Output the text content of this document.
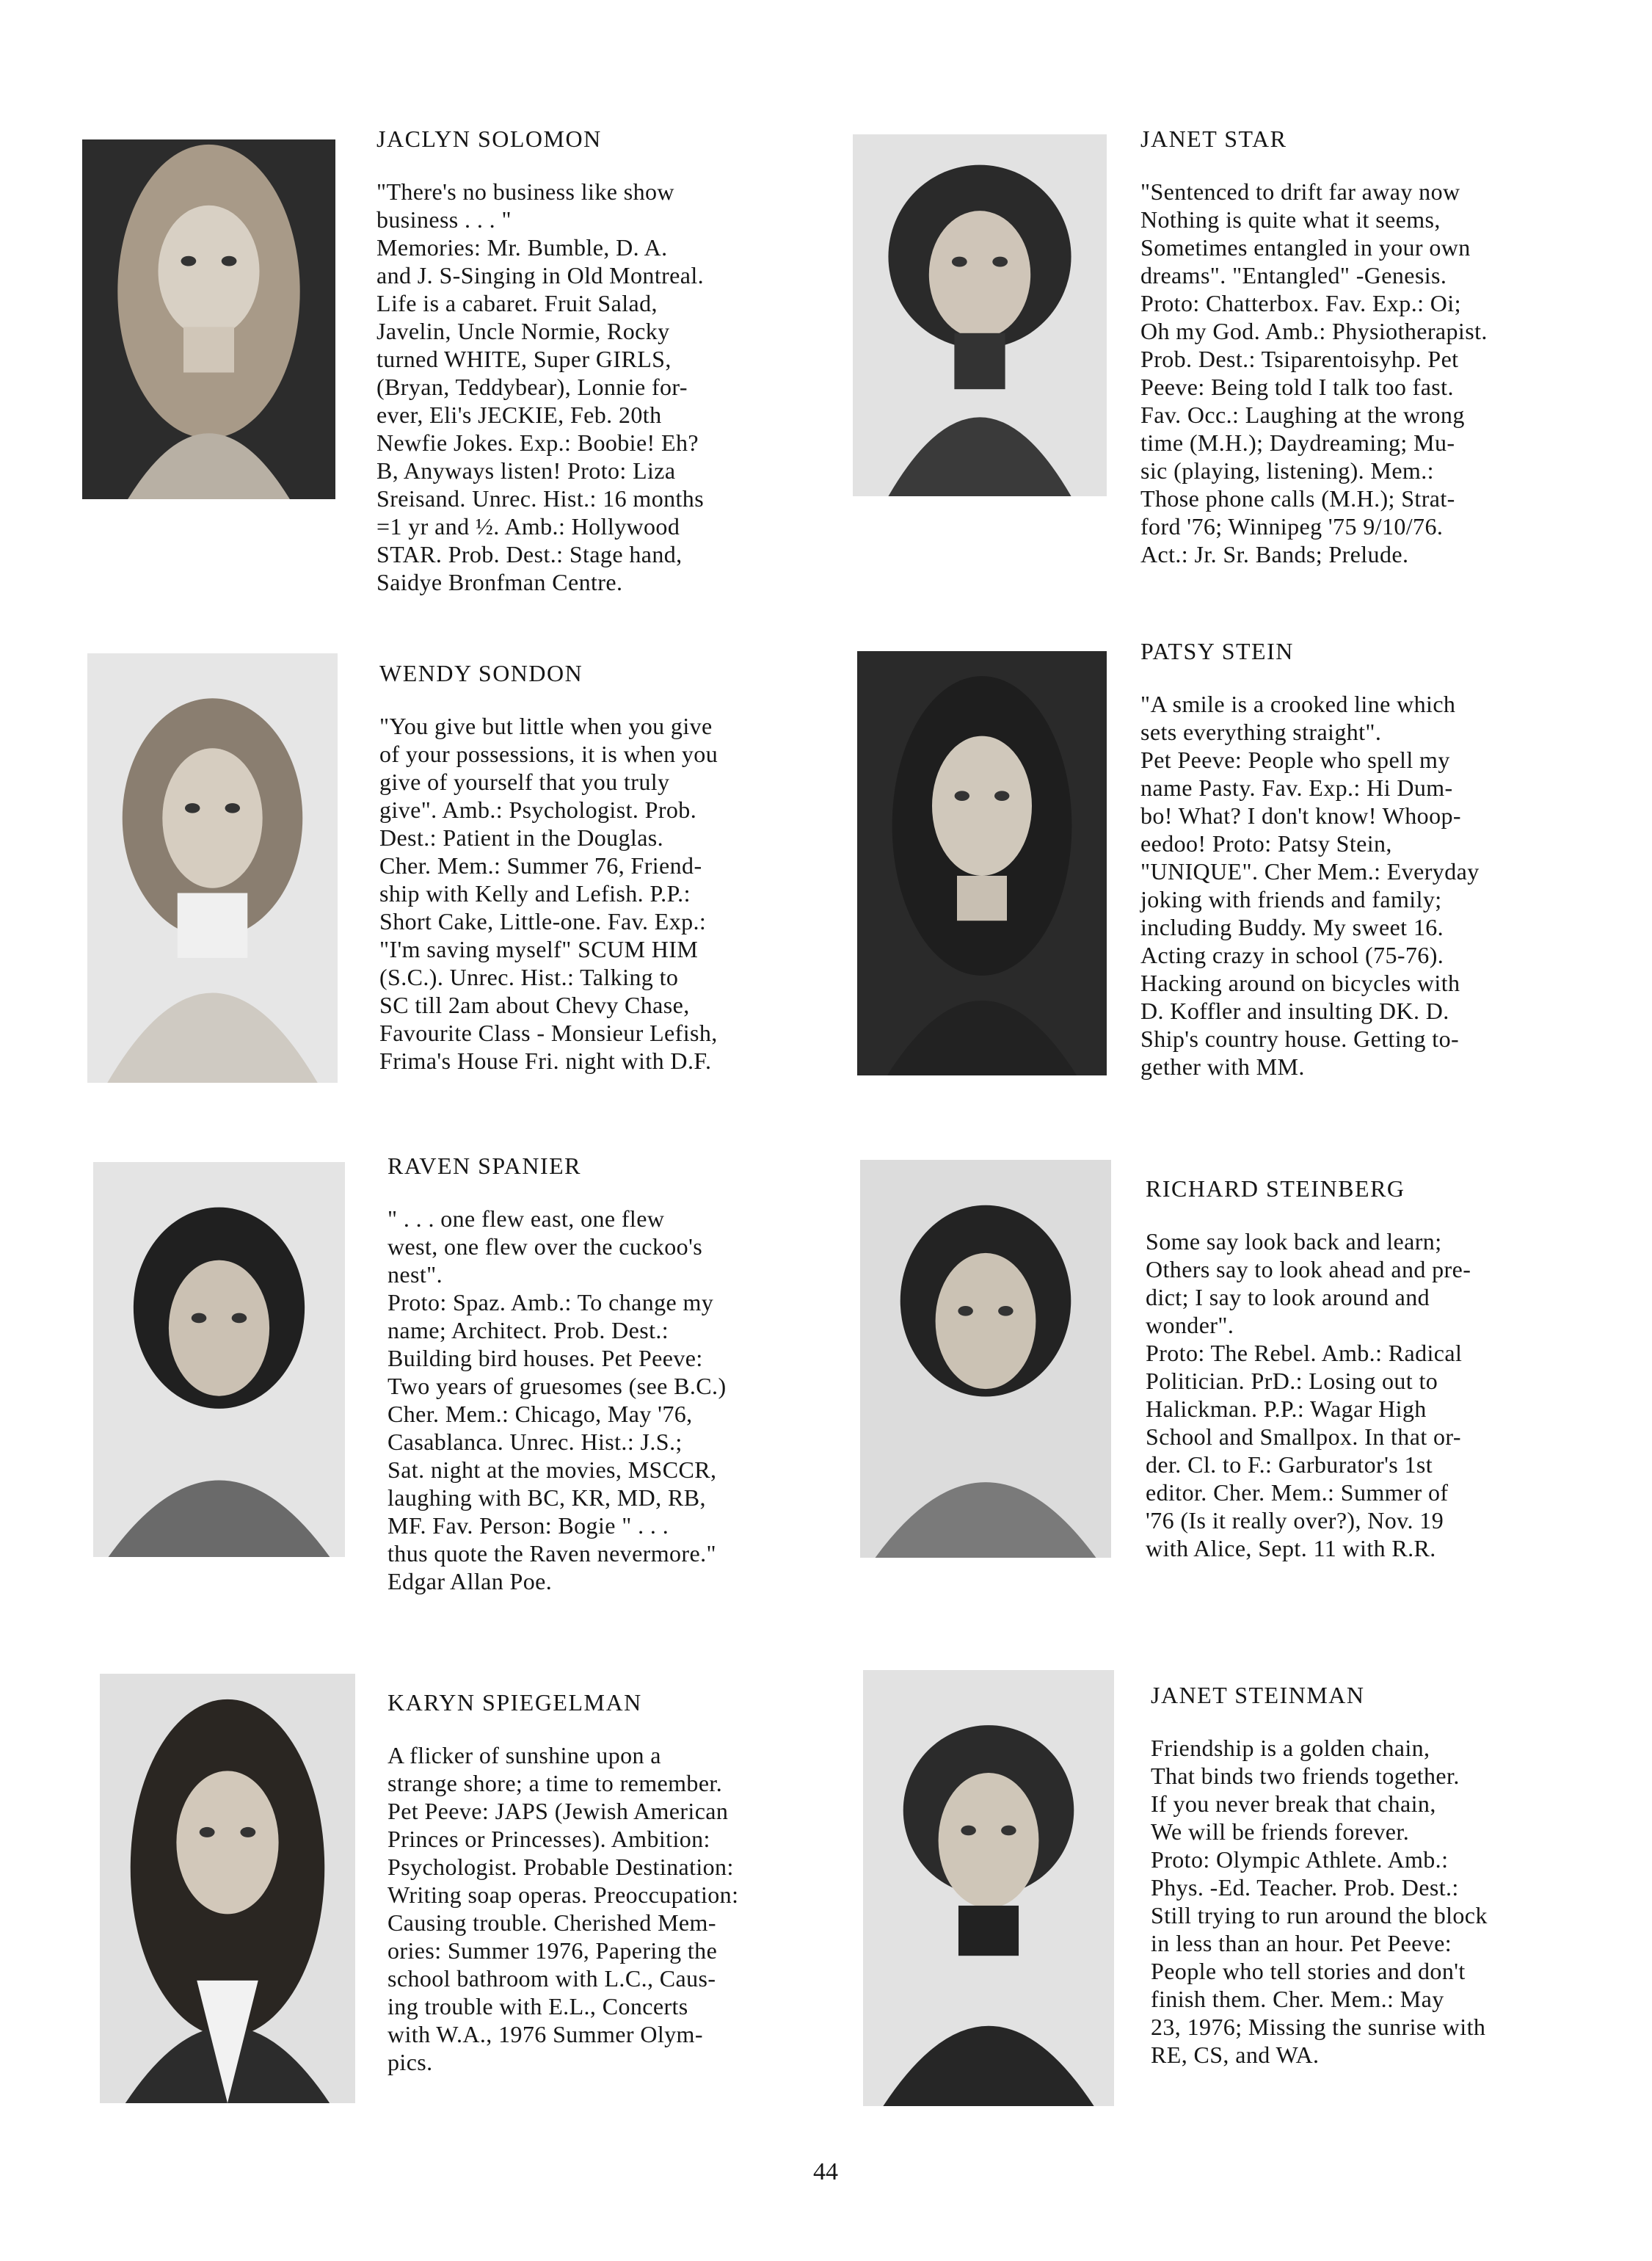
JACLYN SOLOMON

"There's no business like show
business . . . "
Memories: Mr. Bumble, D. A.
and J. S-Singing in Old Montreal.
Life is a cabaret. Fruit Salad,
Javelin, Uncle Normie, Rocky
turned WHITE, Super GIRLS,
(Bryan, Teddybear), Lonnie for-
ever, Eli's JECKIE, Feb. 20th
Newfie Jokes. Exp.: Boobie! Eh?
B, Anyways listen! Proto: Liza
Sreisand. Unrec. Hist.: 16 months
=1 yr and ½. Amb.: Hollywood
STAR. Prob. Dest.: Stage hand,
Saidye Bronfman Centre.

JANET STAR

"Sentenced to drift far away now
Nothing is quite what it seems,
Sometimes entangled in your own
dreams". "Entangled" -Genesis.
Proto: Chatterbox. Fav. Exp.: Oi;
Oh my God. Amb.: Physiotherapist.
Prob. Dest.: Tsiparentoisyhp. Pet
Peeve: Being told I talk too fast.
Fav. Occ.: Laughing at the wrong
time (M.H.); Daydreaming; Mu-
sic (playing, listening). Mem.:
Those phone calls (M.H.); Strat-
ford '76; Winnipeg '75 9/10/76.
Act.: Jr. Sr. Bands; Prelude.

WENDY SONDON

"You give but little when you give
of your possessions, it is when you
give of yourself that you truly
give". Amb.: Psychologist. Prob.
Dest.: Patient in the Douglas.
Cher. Mem.: Summer 76, Friend-
ship with Kelly and Lefish. P.P.:
Short Cake, Little-one. Fav. Exp.:
"I'm saving myself" SCUM HIM
(S.C.). Unrec. Hist.: Talking to
SC till 2am about Chevy Chase,
Favourite Class - Monsieur Lefish,
Frima's House Fri. night with D.F.

PATSY STEIN

"A smile is a crooked line which
sets everything straight".
Pet Peeve: People who spell my
name Pasty. Fav. Exp.: Hi Dum-
bo! What? I don't know! Whoop-
eedoo! Proto: Patsy Stein,
"UNIQUE". Cher Mem.: Everyday
joking with friends and family;
including Buddy. My sweet 16.
Acting crazy in school (75-76).
Hacking around on bicycles with
D. Koffler and insulting DK. D.
Ship's country house. Getting to-
gether with MM.

RAVEN SPANIER

" . . . one flew east, one flew
west, one flew over the cuckoo's
nest".
Proto: Spaz. Amb.: To change my
name; Architect. Prob. Dest.:
Building bird houses. Pet Peeve:
Two years of gruesomes (see B.C.)
Cher. Mem.: Chicago, May '76,
Casablanca. Unrec. Hist.: J.S.;
Sat. night at the movies, MSCCR,
laughing with BC, KR, MD, RB,
MF. Fav. Person: Bogie " . . .
thus quote the Raven nevermore."
Edgar Allan Poe.

RICHARD STEINBERG

Some say look back and learn;
Others say to look ahead and pre-
dict; I say to look around and
wonder".
Proto: The Rebel. Amb.: Radical
Politician. PrD.: Losing out to
Halickman. P.P.: Wagar High
School and Smallpox. In that or-
der. Cl. to F.: Garburator's 1st
editor. Cher. Mem.: Summer of
'76 (Is it really over?), Nov. 19
with Alice, Sept. 11 with R.R.

KARYN SPIEGELMAN

A flicker of sunshine upon a
strange shore; a time to remember.
Pet Peeve: JAPS (Jewish American
Princes or Princesses). Ambition:
Psychologist. Probable Destination:
Writing soap operas. Preoccupation:
Causing trouble. Cherished Mem-
ories: Summer 1976, Papering the
school bathroom with L.C., Caus-
ing trouble with E.L., Concerts
with W.A., 1976 Summer Olym-
pics.

JANET STEINMAN

Friendship is a golden chain,
That binds two friends together.
If you never break that chain,
We will be friends forever.
Proto: Olympic Athlete. Amb.:
Phys. -Ed. Teacher. Prob. Dest.:
Still trying to run around the block
in less than an hour. Pet Peeve:
People who tell stories and don't
finish them. Cher. Mem.: May
23, 1976; Missing the sunrise with
RE, CS, and WA.

44
